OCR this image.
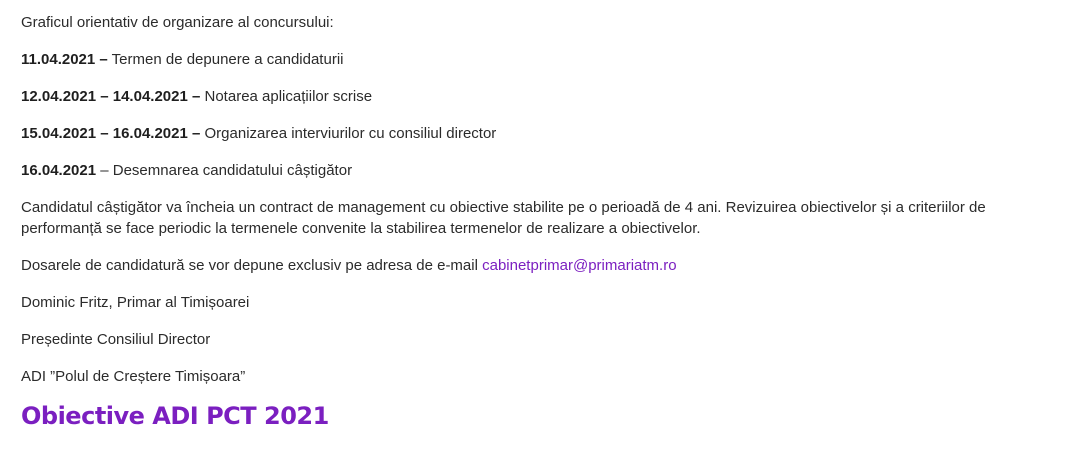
Graficul orientativ de organizare al concursului:

11.04.2021 – Termen de depunere a candidaturii

12.04.2021 – 14.04.2021 – Notarea aplicațiilor scrise

15.04.2021 – 16.04.2021 – Organizarea interviurilor cu consiliul director

16.04.2021 – Desemnarea candidatului câștigător

Candidatul câștigător va încheia un contract de management cu obiective stabilite pe o perioadă de 4 ani. Revizuirea obiectivelor și a criteriilor de performanță se face periodic la termenele convenite la stabilirea termenelor de realizare a obiectivelor.

Dosarele de candidatură se vor depune exclusiv pe adresa de e-mail cabinetprimar@primariatm.ro

Dominic Fritz, Primar al Timișoarei

Președinte Consiliul Director

ADI ”Polul de Creștere Timișoara”

Obiective ADI PCT 2021
